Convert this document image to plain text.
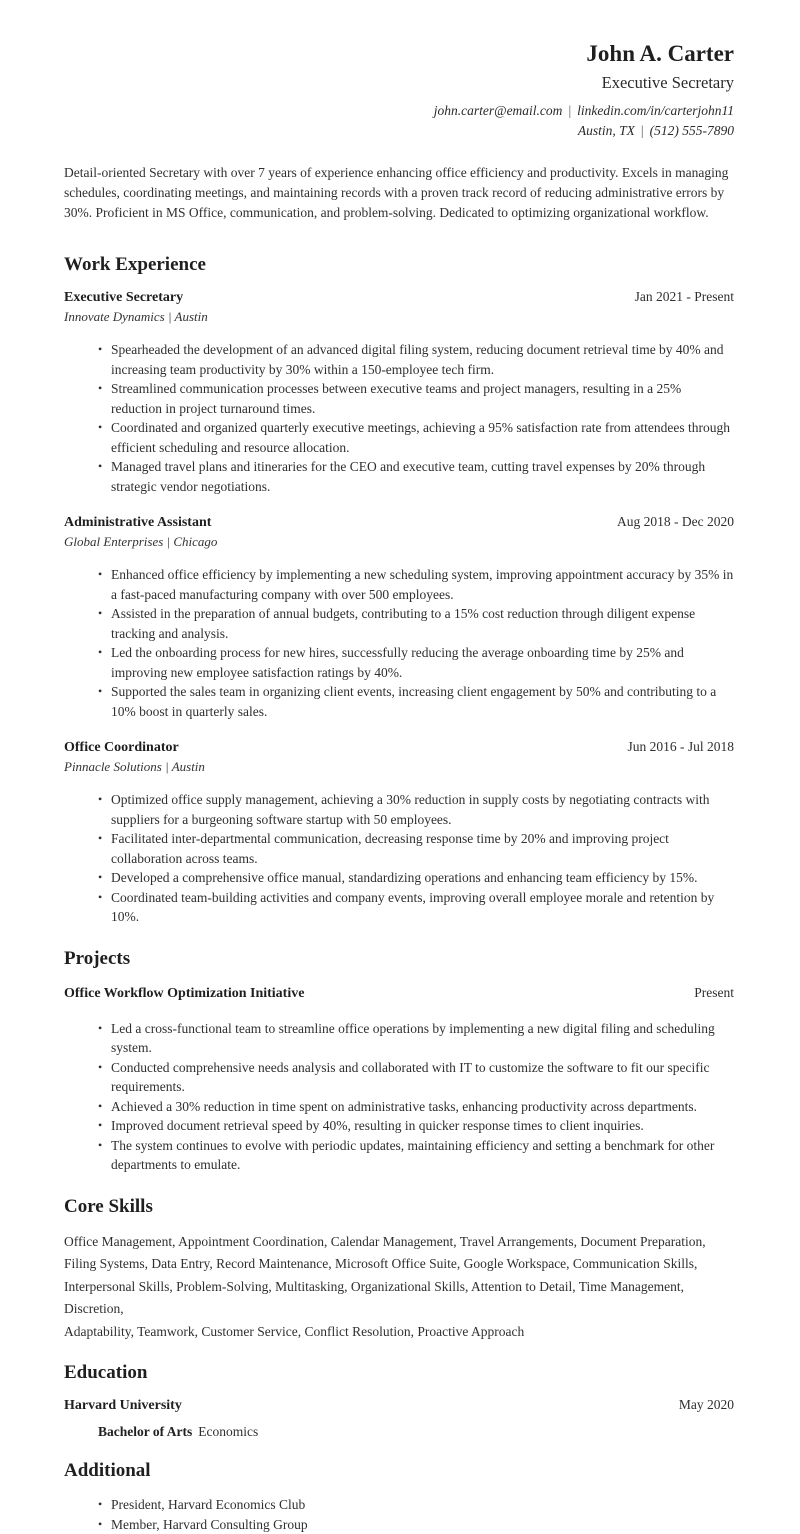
John A. Carter
Executive Secretary
john.carter@email.com | linkedin.com/in/carterjohn11
Austin, TX | (512) 555-7890

Detail-oriented Secretary with over 7 years of experience enhancing office efficiency and productivity. Excels in managing schedules, coordinating meetings, and maintaining records with a proven track record of reducing administrative errors by 30%. Proficient in MS Office, communication, and problem-solving. Dedicated to optimizing organizational workflow.

Work Experience
Executive Secretary	Jan 2021 - Present
Innovate Dynamics | Austin
• Spearheaded the development of an advanced digital filing system, reducing document retrieval time by 40% and increasing team productivity by 30% within a 150-employee tech firm.
• Streamlined communication processes between executive teams and project managers, resulting in a 25% reduction in project turnaround times.
• Coordinated and organized quarterly executive meetings, achieving a 95% satisfaction rate from attendees through efficient scheduling and resource allocation.
• Managed travel plans and itineraries for the CEO and executive team, cutting travel expenses by 20% through strategic vendor negotiations.
Administrative Assistant	Aug 2018 - Dec 2020
Global Enterprises | Chicago
• Enhanced office efficiency by implementing a new scheduling system, improving appointment accuracy by 35% in a fast-paced manufacturing company with over 500 employees.
• Assisted in the preparation of annual budgets, contributing to a 15% cost reduction through diligent expense tracking and analysis.
• Led the onboarding process for new hires, successfully reducing the average onboarding time by 25% and improving new employee satisfaction ratings by 40%.
• Supported the sales team in organizing client events, increasing client engagement by 50% and contributing to a 10% boost in quarterly sales.
Office Coordinator	Jun 2016 - Jul 2018
Pinnacle Solutions | Austin
• Optimized office supply management, achieving a 30% reduction in supply costs by negotiating contracts with suppliers for a burgeoning software startup with 50 employees.
• Facilitated inter-departmental communication, decreasing response time by 20% and improving project collaboration across teams.
• Developed a comprehensive office manual, standardizing operations and enhancing team efficiency by 15%.
• Coordinated team-building activities and company events, improving overall employee morale and retention by 10%.
Projects
Office Workflow Optimization Initiative	Present
• Led a cross-functional team to streamline office operations by implementing a new digital filing and scheduling system.
• Conducted comprehensive needs analysis and collaborated with IT to customize the software to fit our specific requirements.
• Achieved a 30% reduction in time spent on administrative tasks, enhancing productivity across departments.
• Improved document retrieval speed by 40%, resulting in quicker response times to client inquiries.
• The system continues to evolve with periodic updates, maintaining efficiency and setting a benchmark for other departments to emulate.
Core Skills
Office Management, Appointment Coordination, Calendar Management, Travel Arrangements, Document Preparation,
Filing Systems, Data Entry, Record Maintenance, Microsoft Office Suite, Google Workspace, Communication Skills,
Interpersonal Skills, Problem-Solving, Multitasking, Organizational Skills, Attention to Detail, Time Management, Discretion,
Adaptability, Teamwork, Customer Service, Conflict Resolution, Proactive Approach
Education
Harvard University	May 2020
Bachelor of Arts Economics
Additional
• President, Harvard Economics Club
• Member, Harvard Consulting Group
